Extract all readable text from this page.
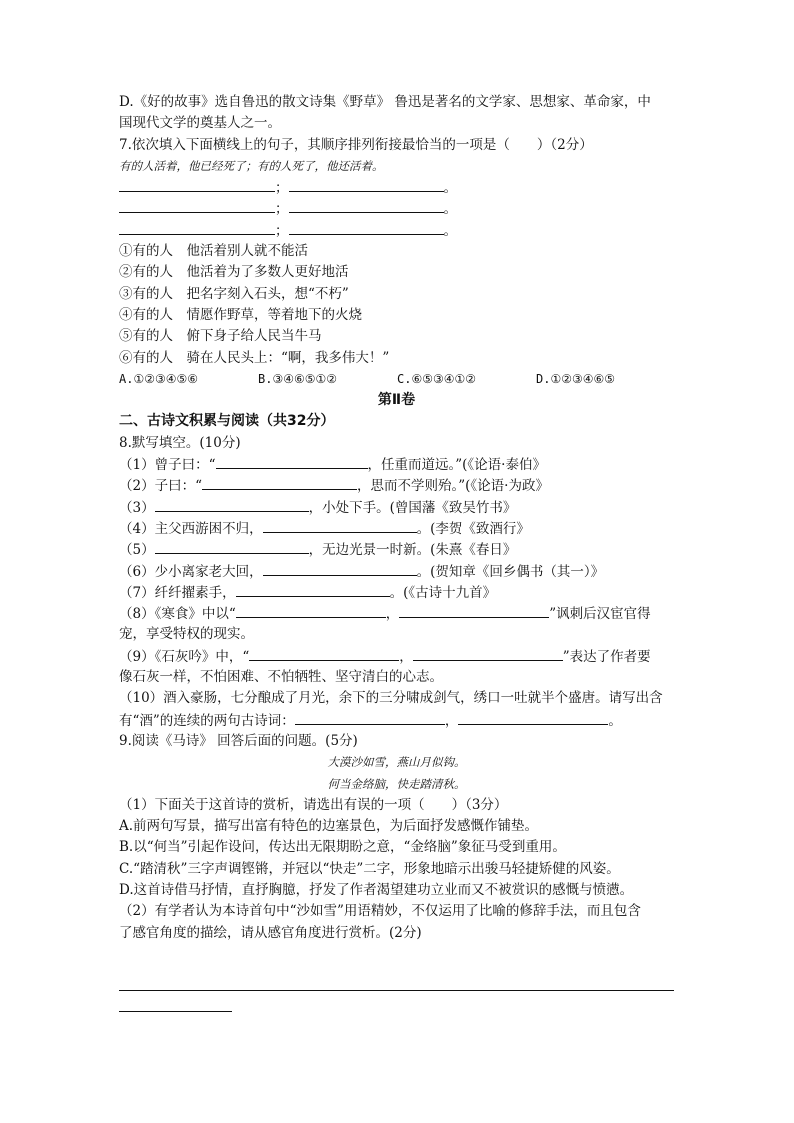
D.《好的故事》选自鲁迅的散文诗集《野草》 鲁迅是著名的文学家、思想家、革命家，中
国现代文学的奠基人之一。
7.依次填入下面横线上的句子，其顺序排列衔接最恰当的一项是（　　）（2分）
有的人活着，他已经死了；有的人死了，他还活着。
；	。
；	。
；	。
①有的人　他活着别人就不能活
②有的人　他活着为了多数人更好地活
③有的人　把名字刻入石头，想“不朽”
④有的人　情愿作野草，等着地下的火烧
⑤有的人　俯下身子给人民当牛马
⑥有的人　骑在人民头上：“啊，我多伟大！”
A.①②③④⑤⑥	B.③④⑥⑤①②	C.⑥⑤③④①②	D.①②③④⑥⑤
第Ⅱ卷
二、古诗文积累与阅读（共32分）
8.默写填空。(10分)
（1）曾子曰：“	，任重而道远。”(《论语·泰伯》
（2）子曰：“	，思而不学则殆。”(《论语·为政》
（3）	，小处下手。(曾国藩《致吴竹书》
（4）主父西游困不归，	。(李贺《致酒行》
（5）	，无边光景一时新。(朱熹《春日》
（6）少小离家老大回，	。(贺知章《回乡偶书（其一）》
（7）纤纤擢素手，	。(《古诗十九首》
（8）《寒食》中以“	，	”讽刺后汉宦官得
宠，享受特权的现实。
（9）《石灰吟》中，“	，	”表达了作者要
像石灰一样，不怕困难、不怕牺牲、坚守清白的心志。
（10）酒入豪肠，七分酿成了月光，余下的三分啸成剑气，绣口一吐就半个盛唐。请写出含
有“酒”的连续的两句古诗词：	，	。
9.阅读《马诗》 回答后面的问题。(5分)
大漠沙如雪，燕山月似钩。
何当金络脑，快走踏清秋。
（1）下面关于这首诗的赏析，请选出有误的一项（　　）（3分）
A.前两句写景，描写出富有特色的边塞景色，为后面抒发感慨作铺垫。
B.以“何当”引起作设问，传达出无限期盼之意，“金络脑”象征马受到重用。
C.“踏清秋”三字声调铿锵，并冠以“快走”二字，形象地暗示出骏马轻捷矫健的风姿。
D.这首诗借马抒情，直抒胸臆，抒发了作者渴望建功立业而又不被赏识的感慨与愤懑。
（2）有学者认为本诗首句中“沙如雪”用语精妙，不仅运用了比喻的修辞手法，而且包含
了感官角度的描绘，请从感官角度进行赏析。(2分)
